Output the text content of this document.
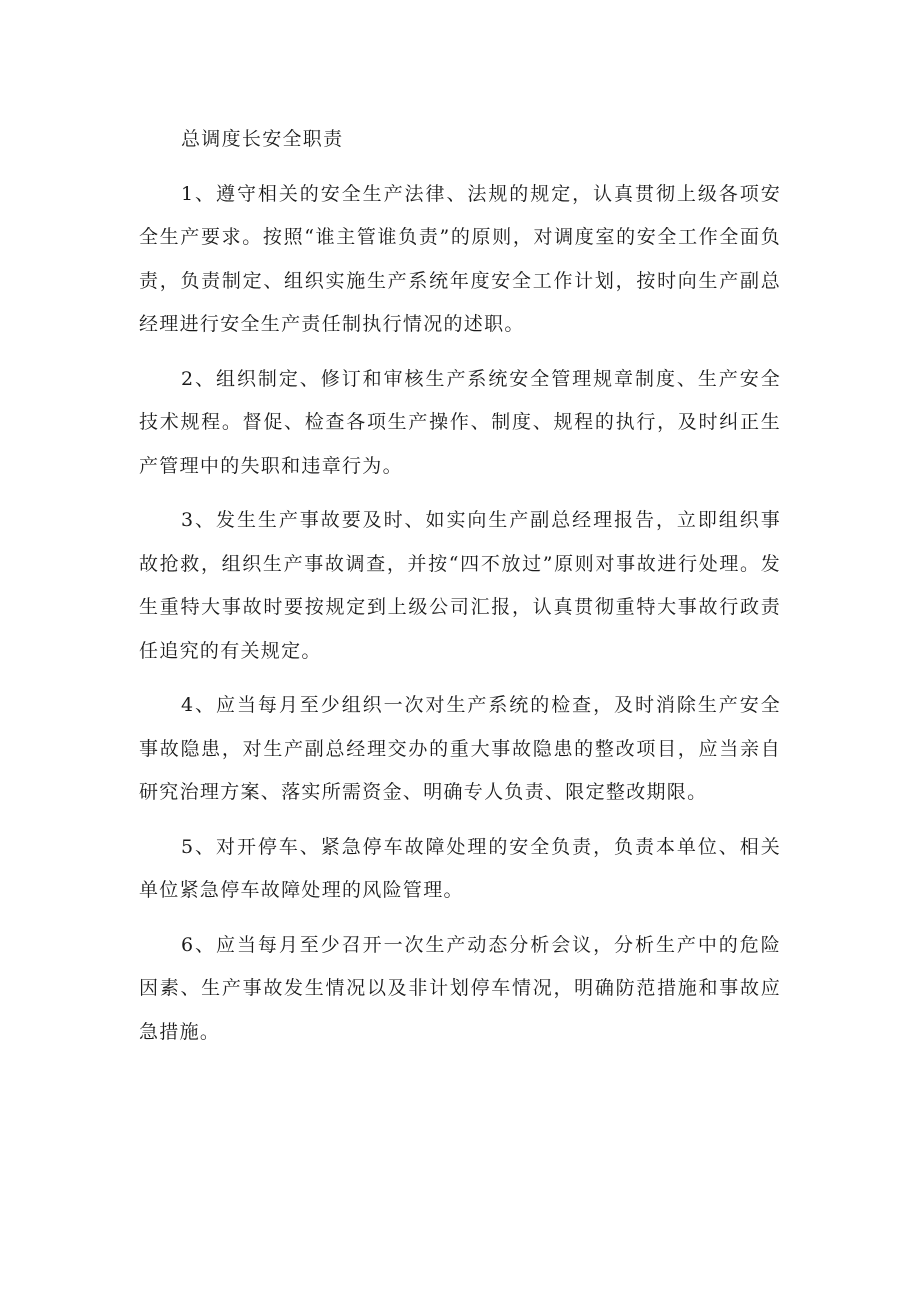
总调度长安全职责

1、遵守相关的安全生产法律、法规的规定，认真贯彻上级各项安全生产要求。按照“谁主管谁负责”的原则，对调度室的安全工作全面负责，负责制定、组织实施生产系统年度安全工作计划，按时向生产副总经理进行安全生产责任制执行情况的述职。

2、组织制定、修订和审核生产系统安全管理规章制度、生产安全技术规程。督促、检查各项生产操作、制度、规程的执行，及时纠正生产管理中的失职和违章行为。

3、发生生产事故要及时、如实向生产副总经理报告，立即组织事故抢救，组织生产事故调查，并按“四不放过”原则对事故进行处理。发生重特大事故时要按规定到上级公司汇报，认真贯彻重特大事故行政责任追究的有关规定。

4、应当每月至少组织一次对生产系统的检查，及时消除生产安全事故隐患，对生产副总经理交办的重大事故隐患的整改项目，应当亲自研究治理方案、落实所需资金、明确专人负责、限定整改期限。

5、对开停车、紧急停车故障处理的安全负责，负责本单位、相关单位紧急停车故障处理的风险管理。

6、应当每月至少召开一次生产动态分析会议，分析生产中的危险因素、生产事故发生情况以及非计划停车情况，明确防范措施和事故应急措施。
